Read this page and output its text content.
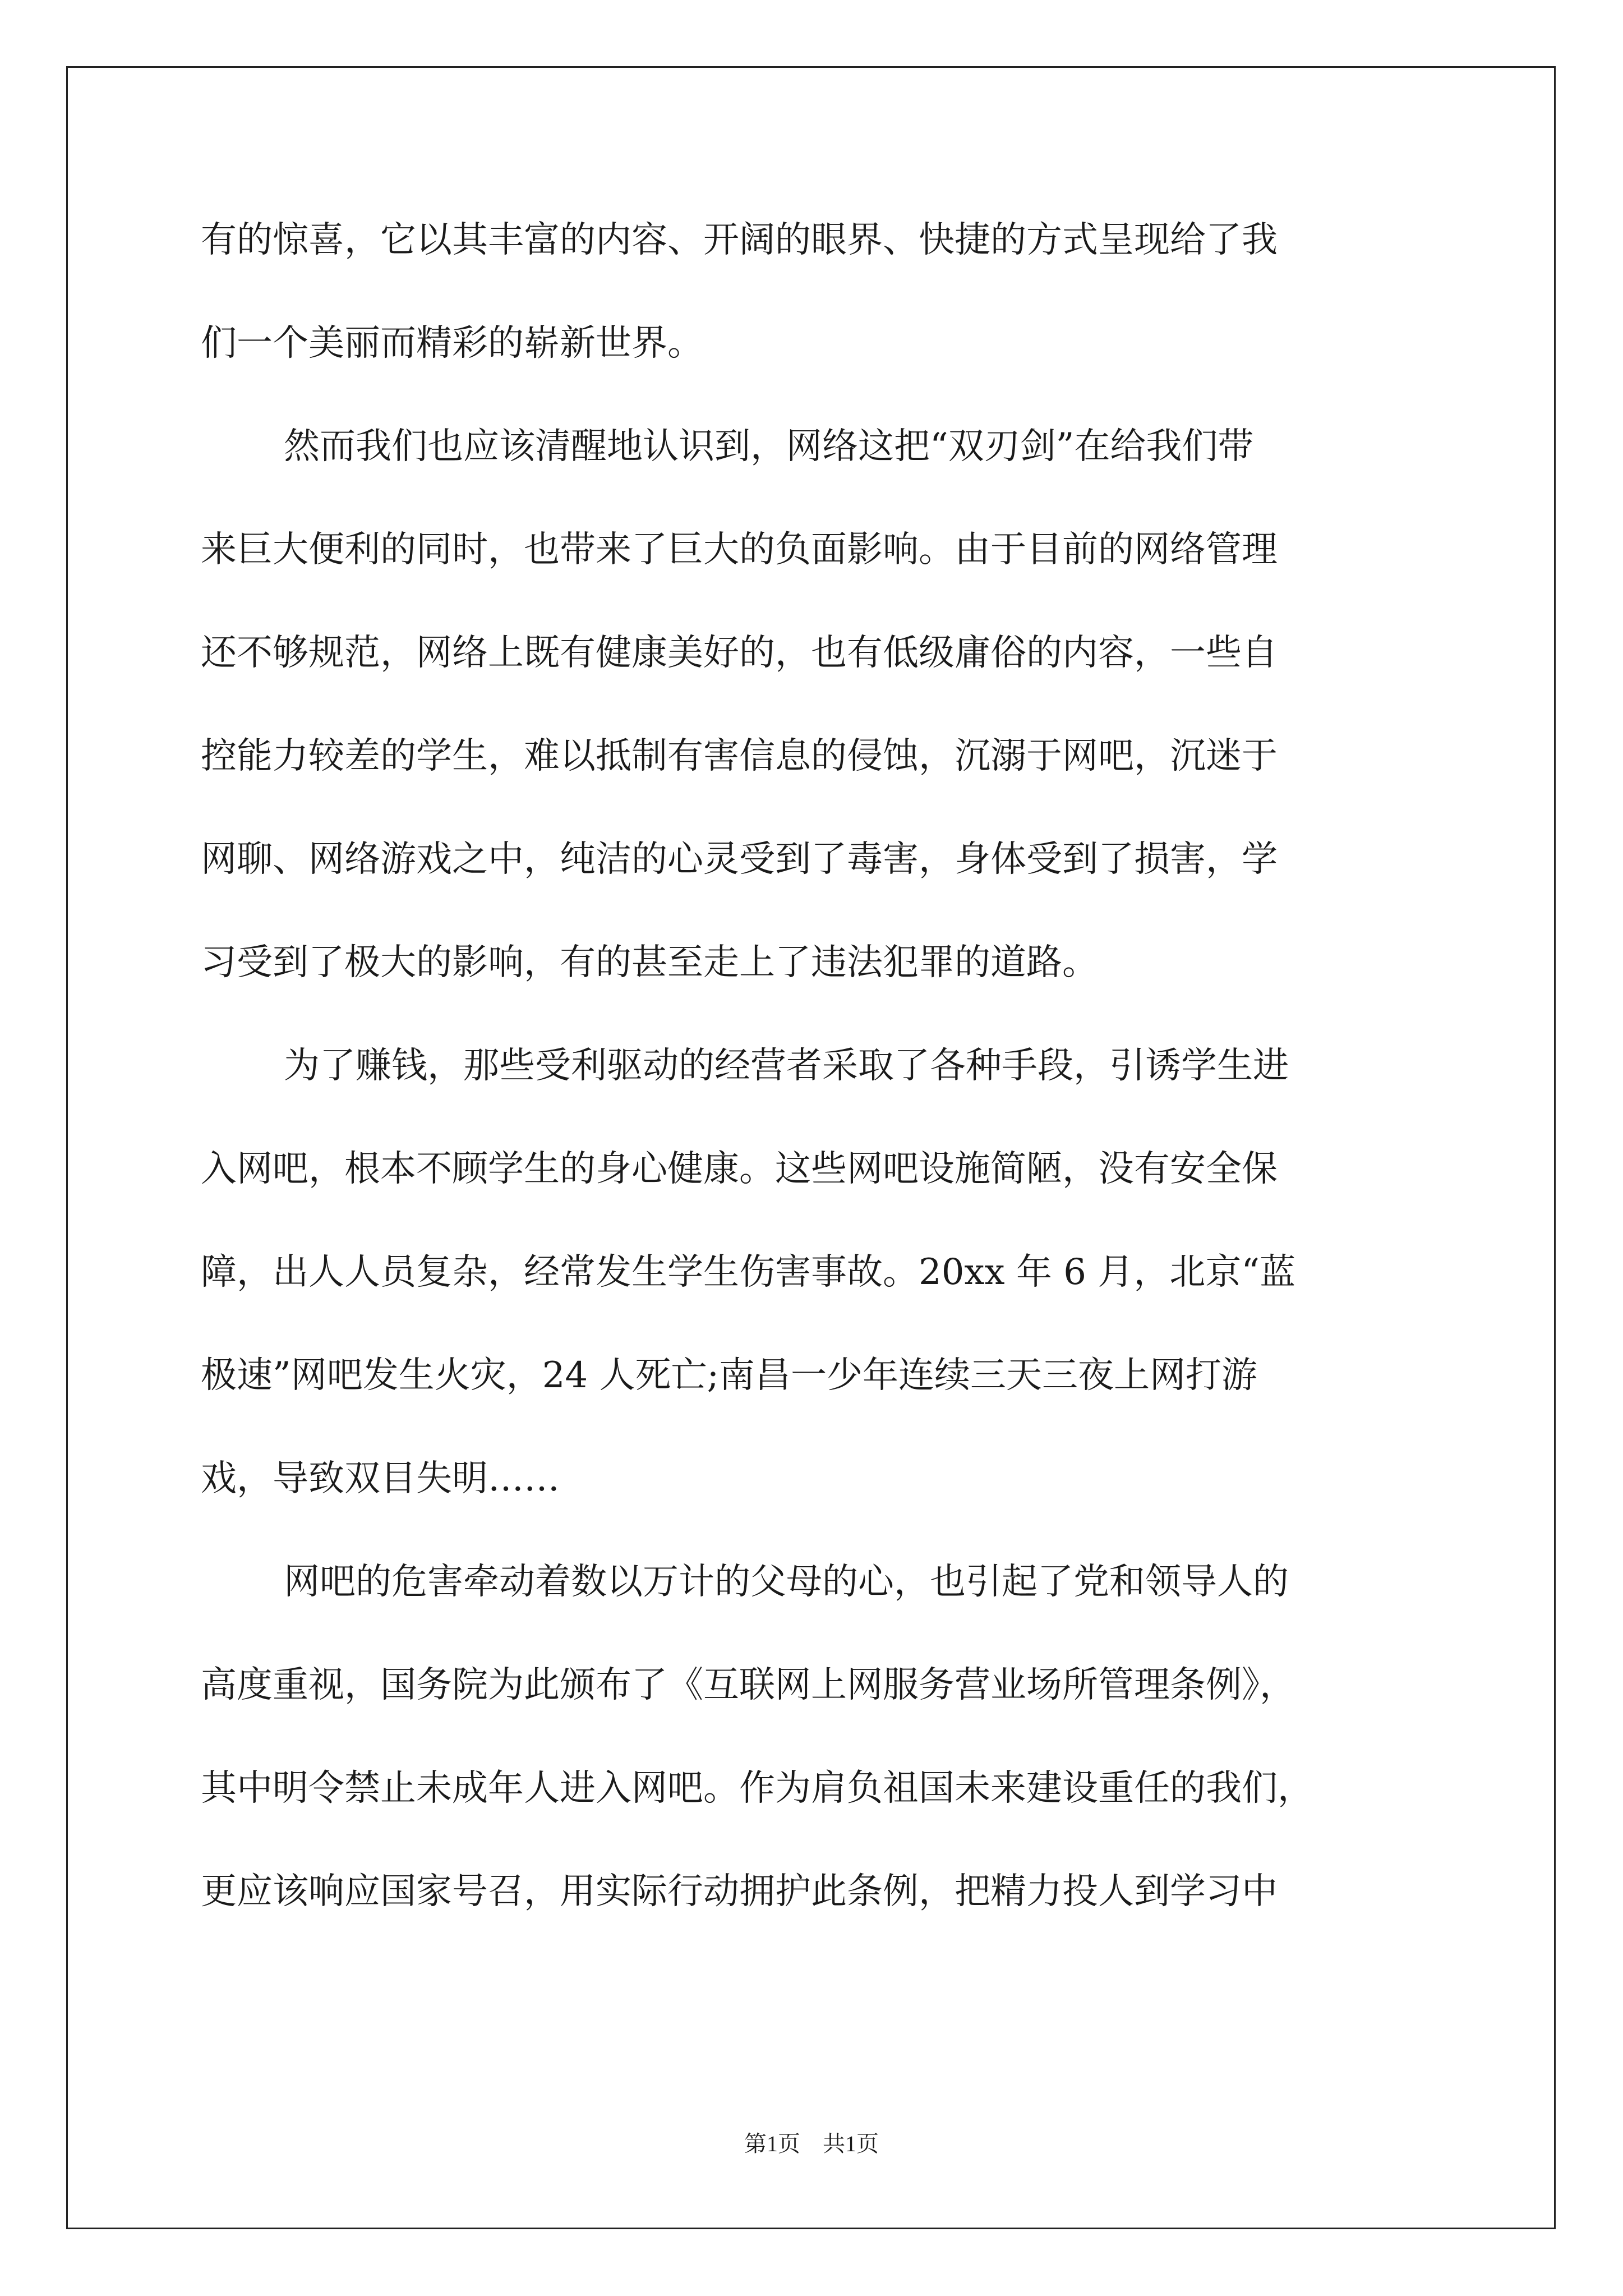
有的惊喜，它以其丰富的内容、开阔的眼界、快捷的方式呈现给了我
们一个美丽而精彩的崭新世界。
然而我们也应该清醒地认识到，网络这把“双刃剑”在给我们带
来巨大便利的同时，也带来了巨大的负面影响。由于目前的网络管理
还不够规范，网络上既有健康美好的，也有低级庸俗的内容，一些自
控能力较差的学生，难以抵制有害信息的侵蚀，沉溺于网吧，沉迷于
网聊、网络游戏之中，纯洁的心灵受到了毒害，身体受到了损害，学
习受到了极大的影响，有的甚至走上了违法犯罪的道路。
为了赚钱，那些受利驱动的经营者采取了各种手段，引诱学生进
入网吧，根本不顾学生的身心健康。这些网吧设施简陋，没有安全保
障，出人人员复杂，经常发生学生伤害事故。20xx 年 6 月，北京“蓝
极速”网吧发生火灾，24 人死亡;南昌一少年连续三天三夜上网打游
戏，导致双目失明……
网吧的危害牵动着数以万计的父母的心，也引起了党和领导人的
高度重视，国务院为此颁布了《互联网上网服务营业场所管理条例》，
其中明令禁止未成年人进入网吧。作为肩负祖国未来建设重任的我们，
更应该响应国家号召，用实际行动拥护此条例，把精力投人到学习中
第1页 共1页
